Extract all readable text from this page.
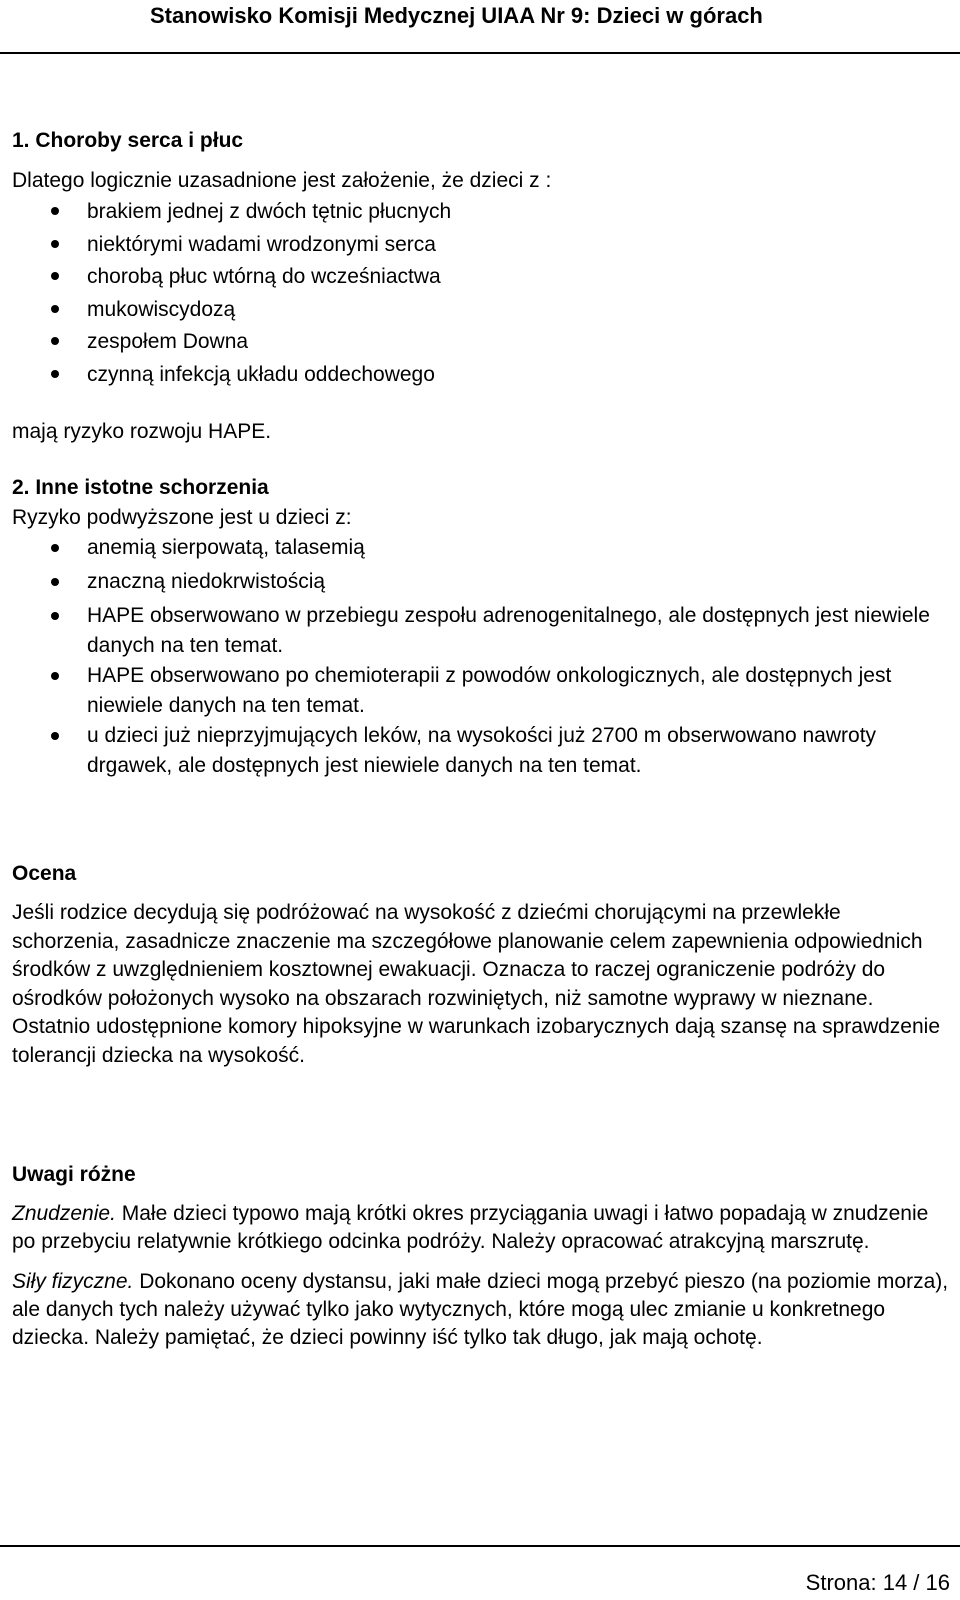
Stanowisko Komisji Medycznej UIAA Nr 9: Dzieci w górach
1. Choroby serca i płuc

Dlatego logicznie uzasadnione jest założenie, że dzieci z :

brakiem jednej z dwóch tętnic płucnych
niektórymi wadami wrodzonymi serca
chorobą płuc wtórną do wcześniactwa
mukowiscydozą
zespołem Downa
czynną infekcją układu oddechowego

mają ryzyko rozwoju HAPE.

2. Inne istotne schorzenia

Ryzyko podwyższone jest u dzieci z:

anemią sierpowatą, talasemią
znaczną niedokrwistością
HAPE obserwowano w przebiegu zespołu adrenogenitalnego, ale dostępnych jest niewiele danych na ten temat.
HAPE obserwowano po chemioterapii z powodów onkologicznych, ale dostępnych jest niewiele danych na ten temat.
u dzieci już nieprzyjmujących leków, na wysokości już 2700 m obserwowano nawroty drgawek, ale dostępnych jest niewiele danych na ten temat.
Ocena

Jeśli rodzice decydują się podróżować na wysokość z dziećmi chorującymi na przewlekłe schorzenia, zasadnicze znaczenie ma szczegółowe planowanie celem zapewnienia odpowiednich środków z uwzględnieniem kosztownej ewakuacji. Oznacza to raczej ograniczenie podróży do ośrodków położonych wysoko na obszarach rozwiniętych, niż samotne wyprawy w nieznane. Ostatnio udostępnione komory hipoksyjne w warunkach izobarycznych dają szansę na sprawdzenie tolerancji dziecka na wysokość.

Uwagi różne

Znudzenie. Małe dzieci typowo mają krótki okres przyciągania uwagi i łatwo popadają w znudzenie po przebyciu relatywnie krótkiego odcinka podróży. Należy opracować atrakcyjną marszrutę.

Siły fizyczne. Dokonano oceny dystansu, jaki małe dzieci mogą przebyć pieszo (na poziomie morza), ale danych tych należy używać tylko jako wytycznych, które mogą ulec zmianie u konkretnego dziecka. Należy pamiętać, że dzieci powinny iść tylko tak długo, jak mają ochotę.

Strona: 14 / 16
